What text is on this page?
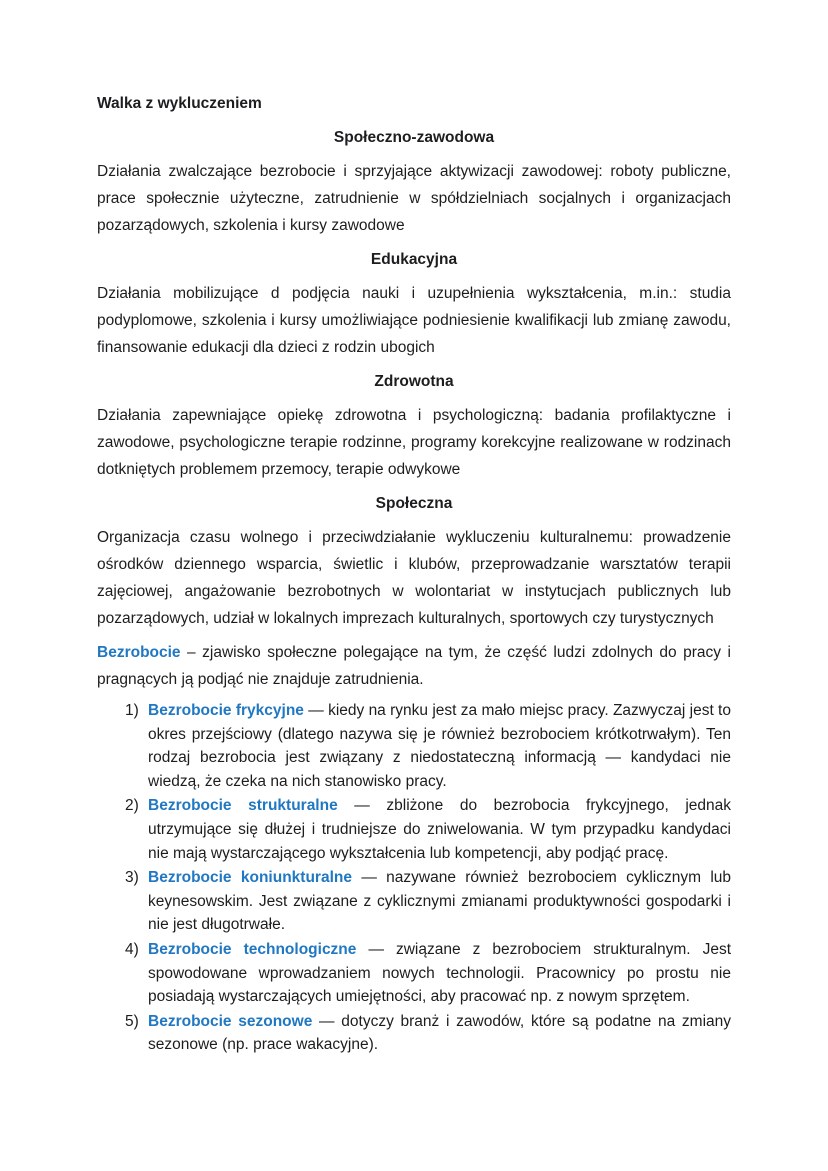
Walka z wykluczeniem

Społeczno-zawodowa

Działania zwalczające bezrobocie i sprzyjające aktywizacji zawodowej: roboty publiczne, prace społecznie użyteczne, zatrudnienie w spółdzielniach socjalnych i organizacjach pozarządowych, szkolenia i kursy zawodowe

Edukacyjna

Działania mobilizujące d podjęcia nauki i uzupełnienia wykształcenia, m.in.: studia podyplomowe, szkolenia i kursy umożliwiające podniesienie kwalifikacji lub zmianę zawodu, finansowanie edukacji dla dzieci z rodzin ubogich

Zdrowotna

Działania zapewniające opiekę zdrowotna i psychologiczną: badania profilaktyczne i zawodowe, psychologiczne terapie rodzinne, programy korekcyjne realizowane w rodzinach dotkniętych problemem przemocy, terapie odwykowe

Społeczna

Organizacja czasu wolnego i przeciwdziałanie wykluczeniu kulturalnemu: prowadzenie ośrodków dziennego wsparcia, świetlic i klubów, przeprowadzanie warsztatów terapii zajęciowej, angażowanie bezrobotnych w wolontariat w instytucjach publicznych lub pozarządowych, udział w lokalnych imprezach kulturalnych, sportowych czy turystycznych

Bezrobocie – zjawisko społeczne polegające na tym, że część ludzi zdolnych do pracy i pragnących ją podjąć nie znajduje zatrudnienia.

1) Bezrobocie frykcyjne — kiedy na rynku jest za mało miejsc pracy. Zazwyczaj jest to okres przejściowy (dlatego nazywa się je również bezrobociem krótkotrwałym). Ten rodzaj bezrobocia jest związany z niedostateczną informacją — kandydaci nie wiedzą, że czeka na nich stanowisko pracy.
2) Bezrobocie strukturalne — zbliżone do bezrobocia frykcyjnego, jednak utrzymujące się dłużej i trudniejsze do zniwelowania. W tym przypadku kandydaci nie mają wystarczającego wykształcenia lub kompetencji, aby podjąć pracę.
3) Bezrobocie koniunkturalne — nazywane również bezrobociem cyklicznym lub keynesowskim. Jest związane z cyklicznymi zmianami produktywności gospodarki i nie jest długotrwałe.
4) Bezrobocie technologiczne — związane z bezrobociem strukturalnym. Jest spowodowane wprowadzaniem nowych technologii. Pracownicy po prostu nie posiadają wystarczających umiejętności, aby pracować np. z nowym sprzętem.
5) Bezrobocie sezonowe — dotyczy branż i zawodów, które są podatne na zmiany sezonowe (np. prace wakacyjne).
